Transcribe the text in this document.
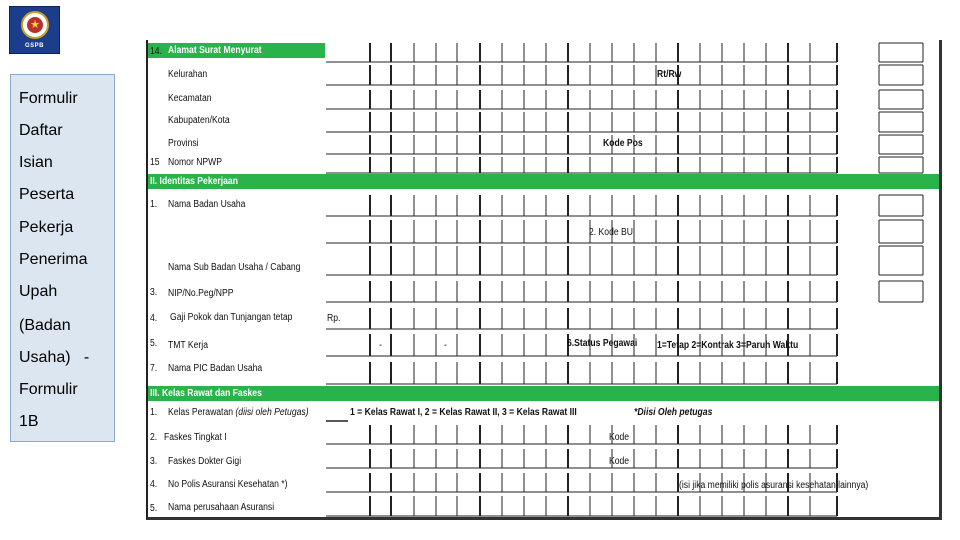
★
GSPB
Formulir
Daftar
Isian
Peserta
Pekerja
Penerima
Upah
(Badan
Usaha)   -
Formulir
1B
14. Alamat Surat Menyurat
Kelurahan	Rt/Rw
Kecamatan
Kabupaten/Kota
Provinsi	Kode Pos
15 Nomor NPWP
II. Identitas Pekerjaan
1. Nama Badan Usaha
2. Kode BU
Nama Sub Badan Usaha / Cabang
3. NIP/No.Peg/NPP
4. Gaji Pokok dan Tunjangan tetap	Rp.
5. TMT Kerja	-	-	6.Status Pegawai 1=Tetap 2=Kontrak 3=Paruh Waktu
7. Nama PIC Badan Usaha
III. Kelas Rawat dan Faskes
1. Kelas Perawatan (diisi oleh Petugas)	1 = Kelas Rawat I, 2 = Kelas Rawat II, 3 = Kelas Rawat III	*Diisi Oleh petugas
2. Faskes Tingkat I	Kode
3. Faskes Dokter Gigi	Kode
4. No Polis Asuransi Kesehatan *)	(isi jika memiliki polis asuransi kesehatan lainnya)
5. Nama perusahaan Asuransi
